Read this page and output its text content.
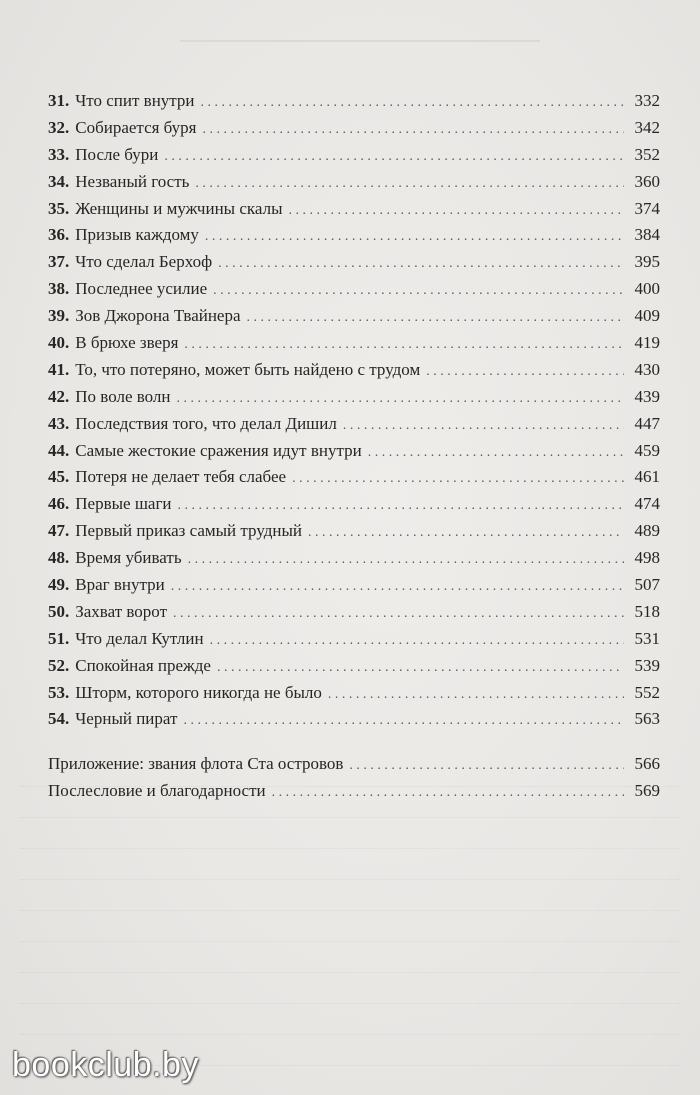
31. Что спит внутри . . .	332
32. Собирается буря . . .	342
33. После бури . . .	352
34. Незваный гость . . .	360
35. Женщины и мужчины скалы . . .	374
36. Призыв каждому . . .	384
37. Что сделал Берхоф . . .	395
38. Последнее усилие . . .	400
39. Зов Джорона Твайнера . . .	409
40. В брюхе зверя . . .	419
41. То, что потеряно, может быть найдено с трудом . . .	430
42. По воле волн . . .	439
43. Последствия того, что делал Дишил . . .	447
44. Самые жестокие сражения идут внутри . . .	459
45. Потеря не делает тебя слабее . . .	461
46. Первые шаги . . .	474
47. Первый приказ самый трудный . . .	489
48. Время убивать . . .	498
49. Враг внутри . . .	507
50. Захват ворот . . .	518
51. Что делал Кутлин . . .	531
52. Спокойная прежде . . .	539
53. Шторм, которого никогда не было . . .	552
54. Черный пират . . .	563
Приложение: звания флота Ста островов . . .	566
Послесловие и благодарности . . .	569
bookclub.by
